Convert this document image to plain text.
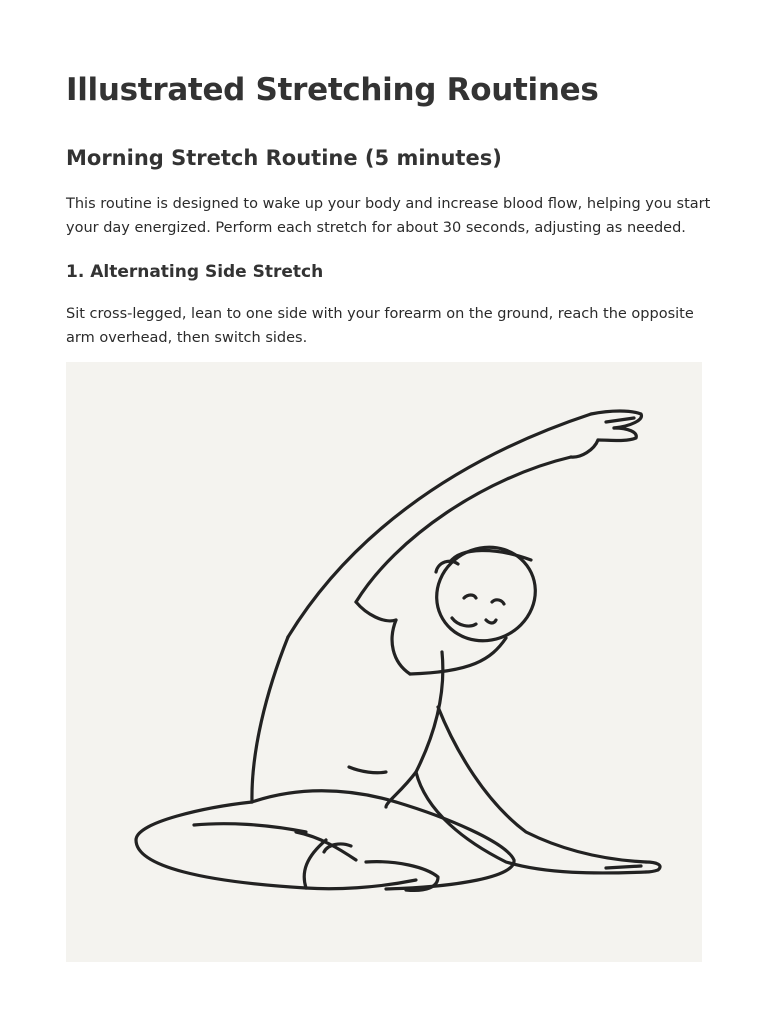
Illustrated Stretching Routines
Morning Stretch Routine (5 minutes)

This routine is designed to wake up your body and increase blood flow, helping you start your day energized. Perform each stretch for about 30 seconds, adjusting as needed.

1. Alternating Side Stretch

Sit cross-legged, lean to one side with your forearm on the ground, reach the opposite arm overhead, then switch sides.
